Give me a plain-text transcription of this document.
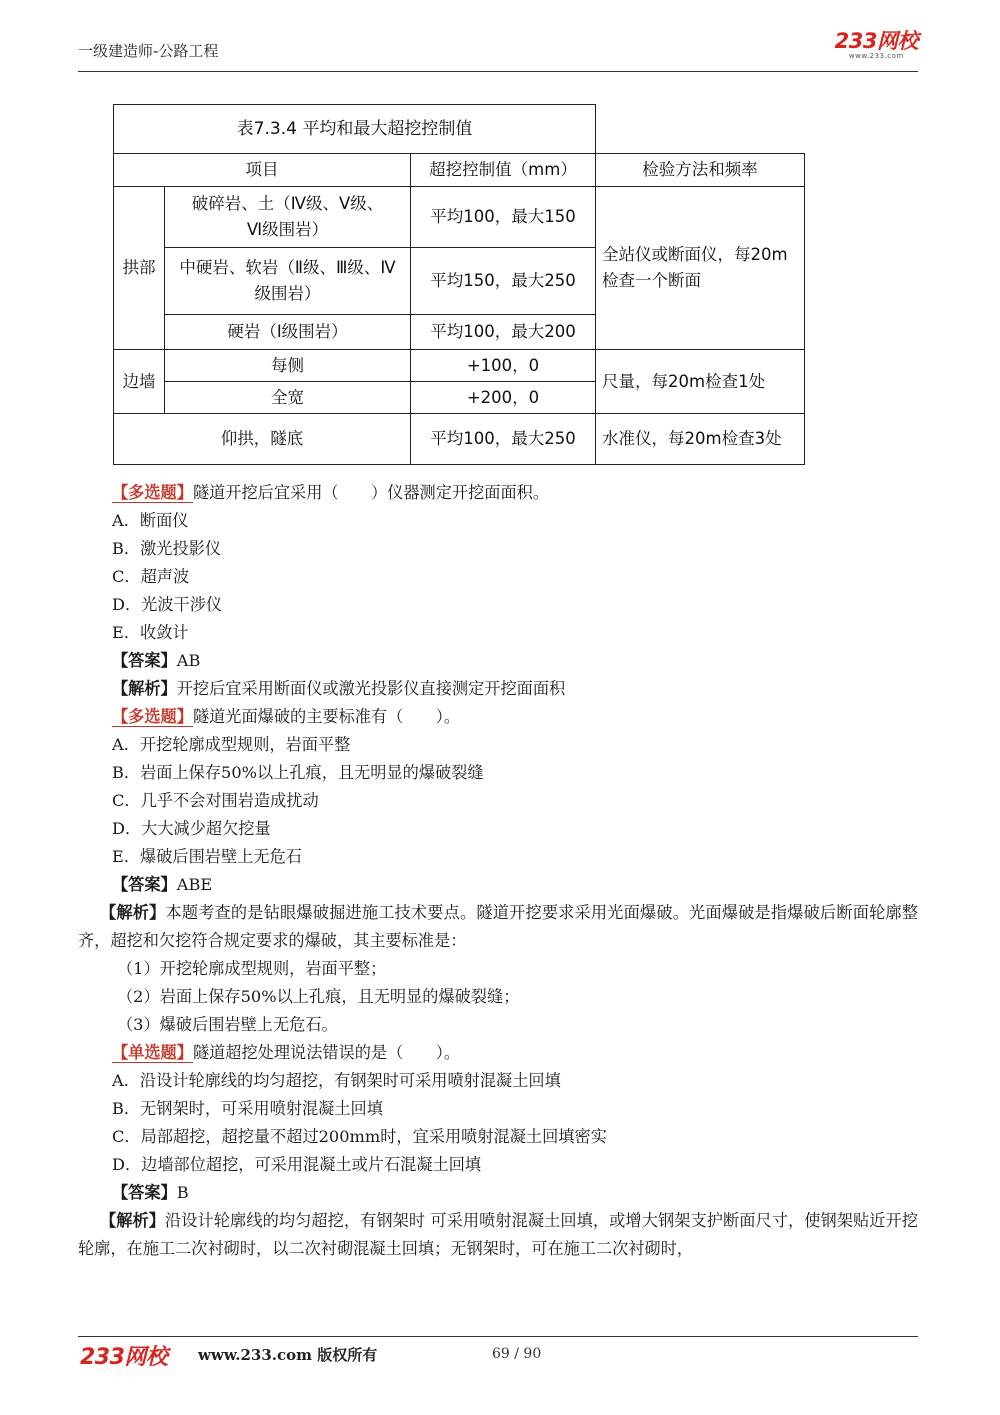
一级建造师-公路工程	233网校
www.233.com
表7.3.4 平均和最大超挖控制值			
项目		超挖控制值（mm）	检验方法和频率
拱部	破碎岩、土（Ⅳ级、Ⅴ级、Ⅵ级围岩）	平均100，最大150	全站仪或断面仪，每20m检查一个断面
	中硬岩、软岩（Ⅱ级、Ⅲ级、Ⅳ级围岩）	平均150，最大250	
	硬岩（Ⅰ级围岩）	平均100，最大200	
边墙	每侧	+100，0	尺量，每20m检查1处
	全宽	+200，0	
仰拱，隧底		平均100，最大250	水准仪，每20m检查3处
【多选题】隧道开挖后宜采用（　　）仪器测定开挖面面积。
A．断面仪
B．激光投影仪
C．超声波
D．光波干涉仪
E．收敛计
【答案】AB
【解析】开挖后宜采用断面仪或激光投影仪直接测定开挖面面积
【多选题】隧道光面爆破的主要标准有（　　）。
A．开挖轮廓成型规则，岩面平整
B．岩面上保存50%以上孔痕，且无明显的爆破裂缝
C．几乎不会对围岩造成扰动
D．大大减少超欠挖量
E．爆破后围岩壁上无危石
【答案】ABE
【解析】本题考查的是钻眼爆破掘进施工技术要点。隧道开挖要求采用光面爆破。光面爆破是指爆破后断面轮廓整齐，超挖和欠挖符合规定要求的爆破，其主要标准是：
（1）开挖轮廓成型规则，岩面平整；
（2）岩面上保存50%以上孔痕，且无明显的爆破裂缝；
（3）爆破后围岩壁上无危石。
【单选题】隧道超挖处理说法错误的是（　　）。
A．沿设计轮廓线的均匀超挖，有钢架时可采用喷射混凝土回填
B．无钢架时，可采用喷射混凝土回填
C．局部超挖，超挖量不超过200mm时，宜采用喷射混凝土回填密实
D．边墙部位超挖，可采用混凝土或片石混凝土回填
【答案】B
【解析】沿设计轮廓线的均匀超挖，有钢架时 可采用喷射混凝土回填，或增大钢架支护断面尺寸，使钢架贴近开挖轮廓，在施工二次衬砌时，以二次衬砌混凝土回填；无钢架时，可在施工二次衬砌时，
233网校 www.233.com 版权所有	69 / 90
